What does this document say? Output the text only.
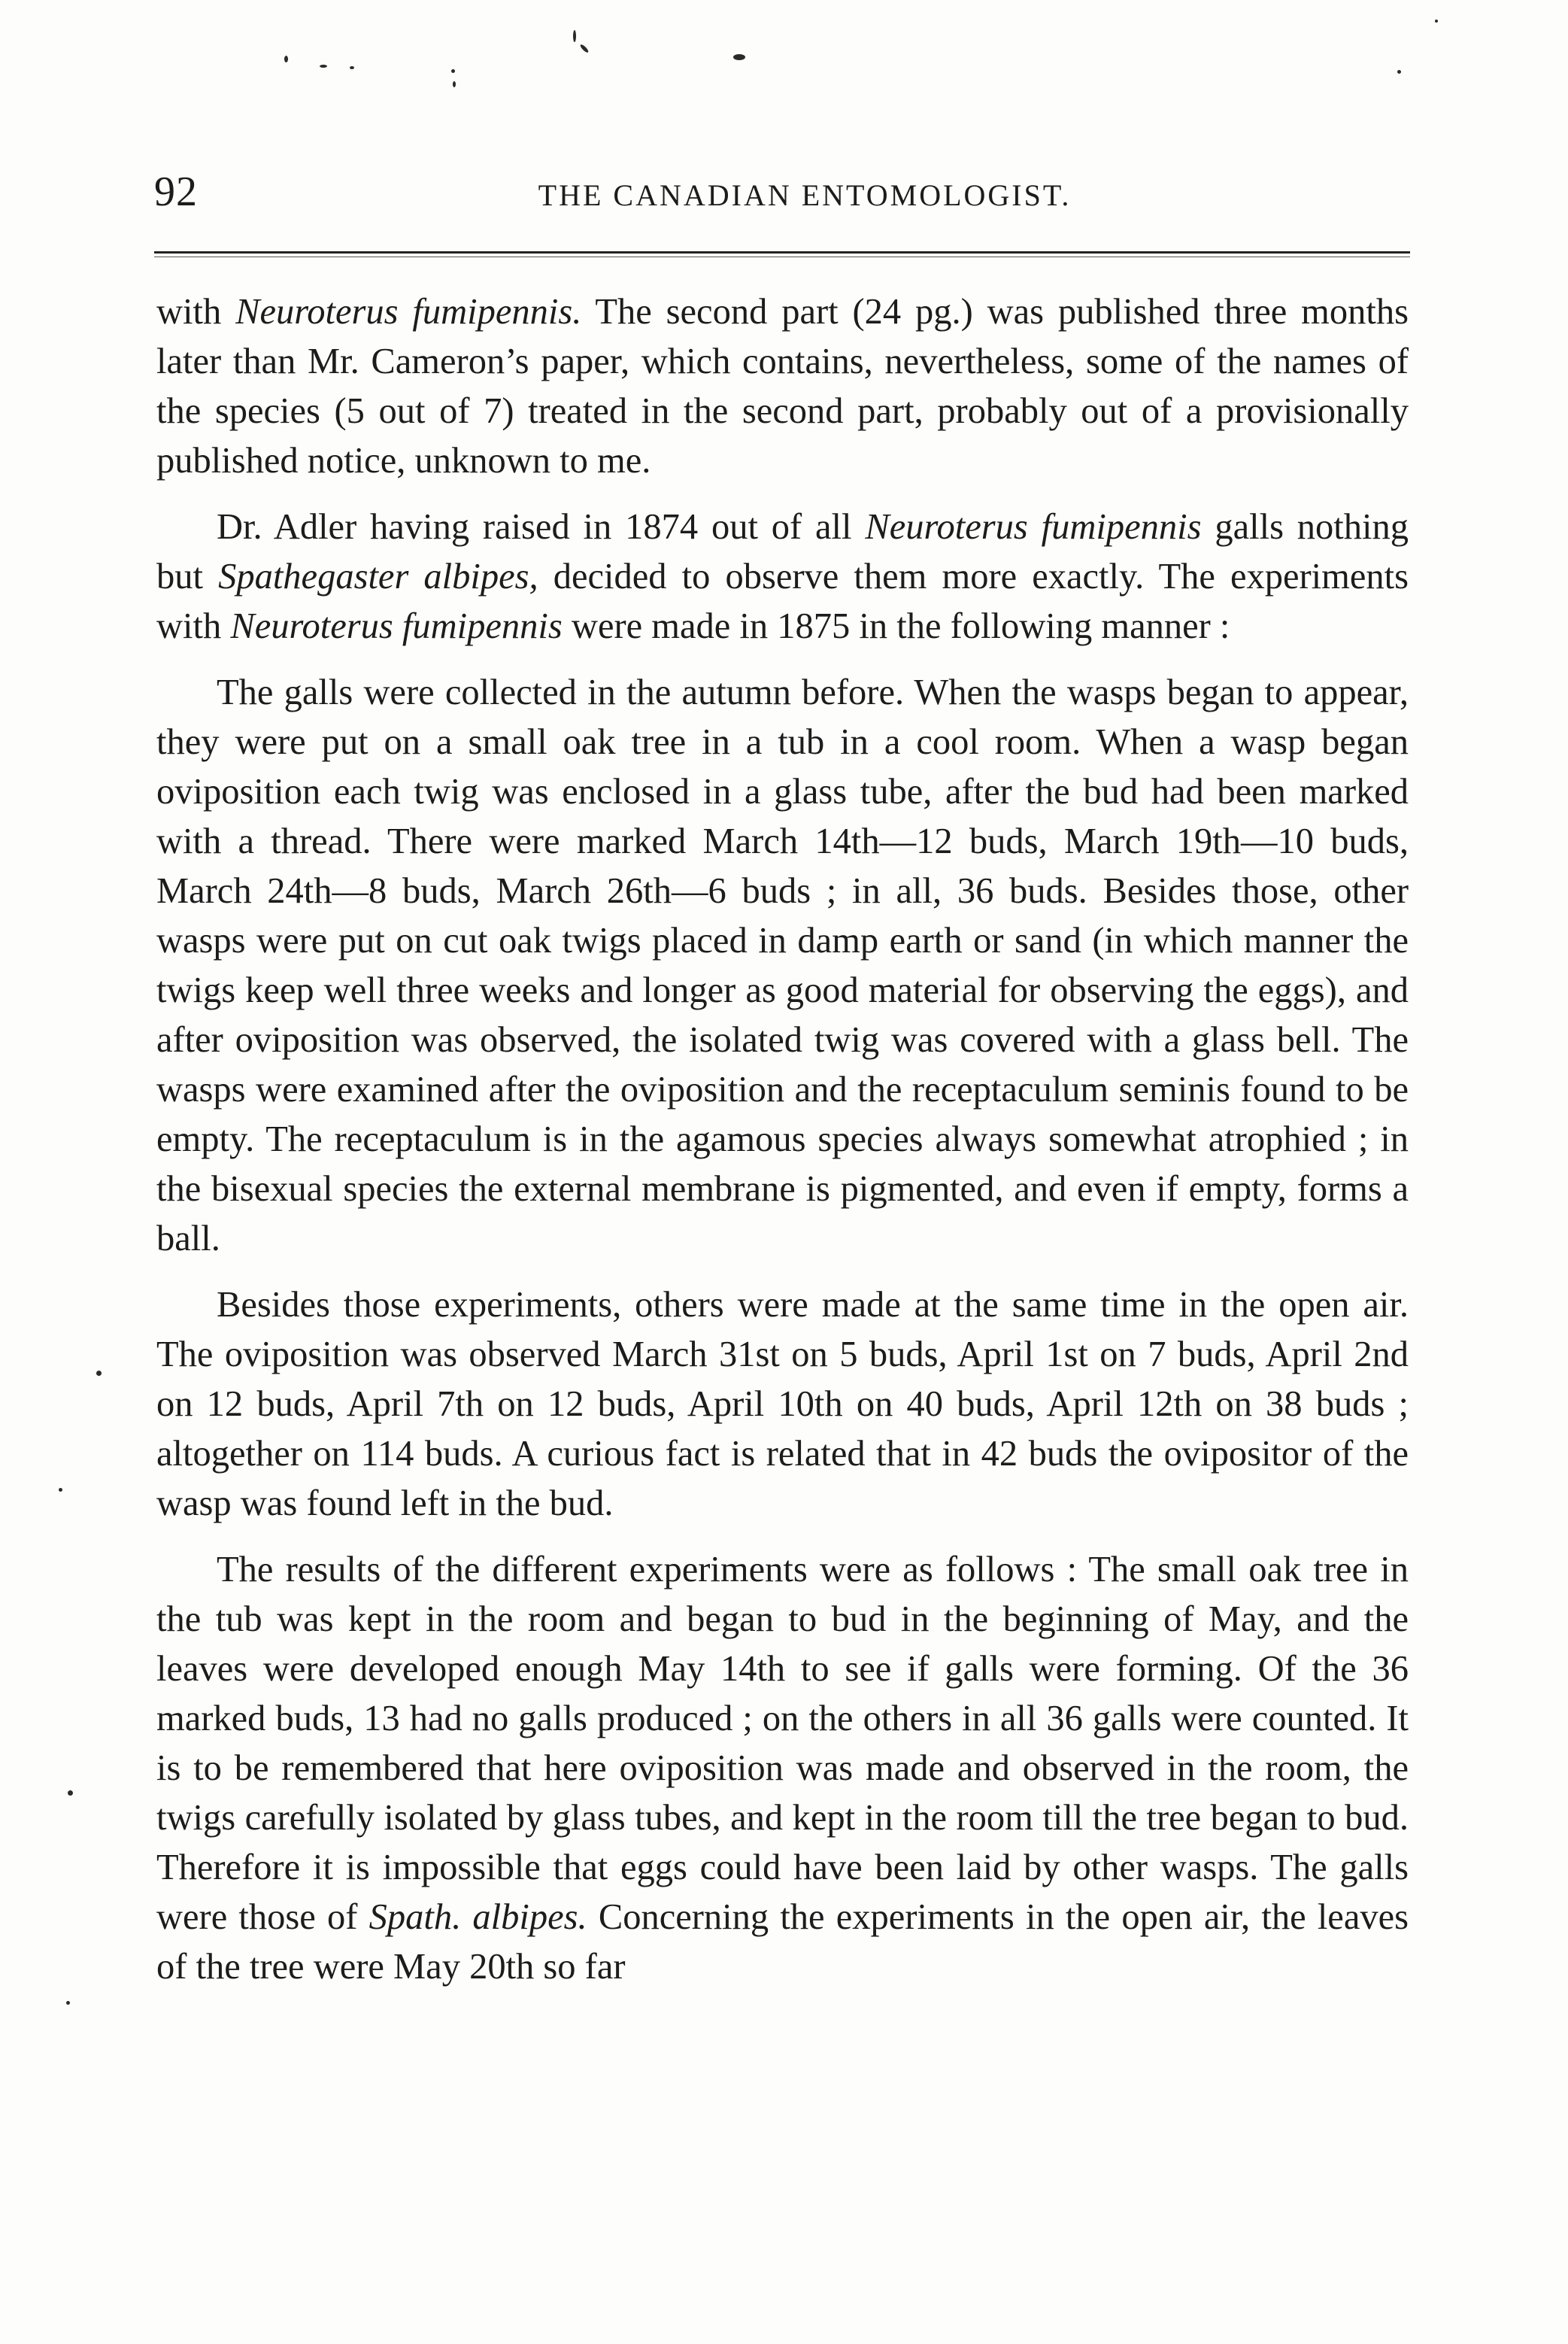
92	THE CANADIAN ENTOMOLOGIST.

with Neuroterus fumipennis. The second part (24 pg.) was published three months later than Mr. Cameron’s paper, which contains, nevertheless, some of the names of the species (5 out of 7) treated in the second part, probably out of a provisionally published notice, unknown to me.

Dr. Adler having raised in 1874 out of all Neuroterus fumipennis galls nothing but Spathegaster albipes, decided to observe them more exactly. The experiments with Neuroterus fumipennis were made in 1875 in the following manner :

The galls were collected in the autumn before. When the wasps began to appear, they were put on a small oak tree in a tub in a cool room. When a wasp began oviposition each twig was enclosed in a glass tube, after the bud had been marked with a thread. There were marked March 14th—12 buds, March 19th—10 buds, March 24th—8 buds, March 26th—6 buds ; in all, 36 buds. Besides those, other wasps were put on cut oak twigs placed in damp earth or sand (in which manner the twigs keep well three weeks and longer as good material for observing the eggs), and after oviposition was observed, the isolated twig was covered with a glass bell. The wasps were examined after the oviposition and the receptaculum seminis found to be empty. The receptaculum is in the agamous species always somewhat atrophied ; in the bisexual species the external membrane is pigmented, and even if empty, forms a ball.

Besides those experiments, others were made at the same time in the open air. The oviposition was observed March 31st on 5 buds, April 1st on 7 buds, April 2nd on 12 buds, April 7th on 12 buds, April 10th on 40 buds, April 12th on 38 buds ; altogether on 114 buds. A curious fact is related that in 42 buds the ovipositor of the wasp was found left in the bud.

The results of the different experiments were as follows : The small oak tree in the tub was kept in the room and began to bud in the beginning of May, and the leaves were developed enough May 14th to see if galls were forming. Of the 36 marked buds, 13 had no galls produced ; on the others in all 36 galls were counted. It is to be remembered that here oviposition was made and observed in the room, the twigs carefully isolated by glass tubes, and kept in the room till the tree began to bud. Therefore it is impossible that eggs could have been laid by other wasps. The galls were those of Spath. albipes. Concerning the experiments in the open air, the leaves of the tree were May 20th so far
